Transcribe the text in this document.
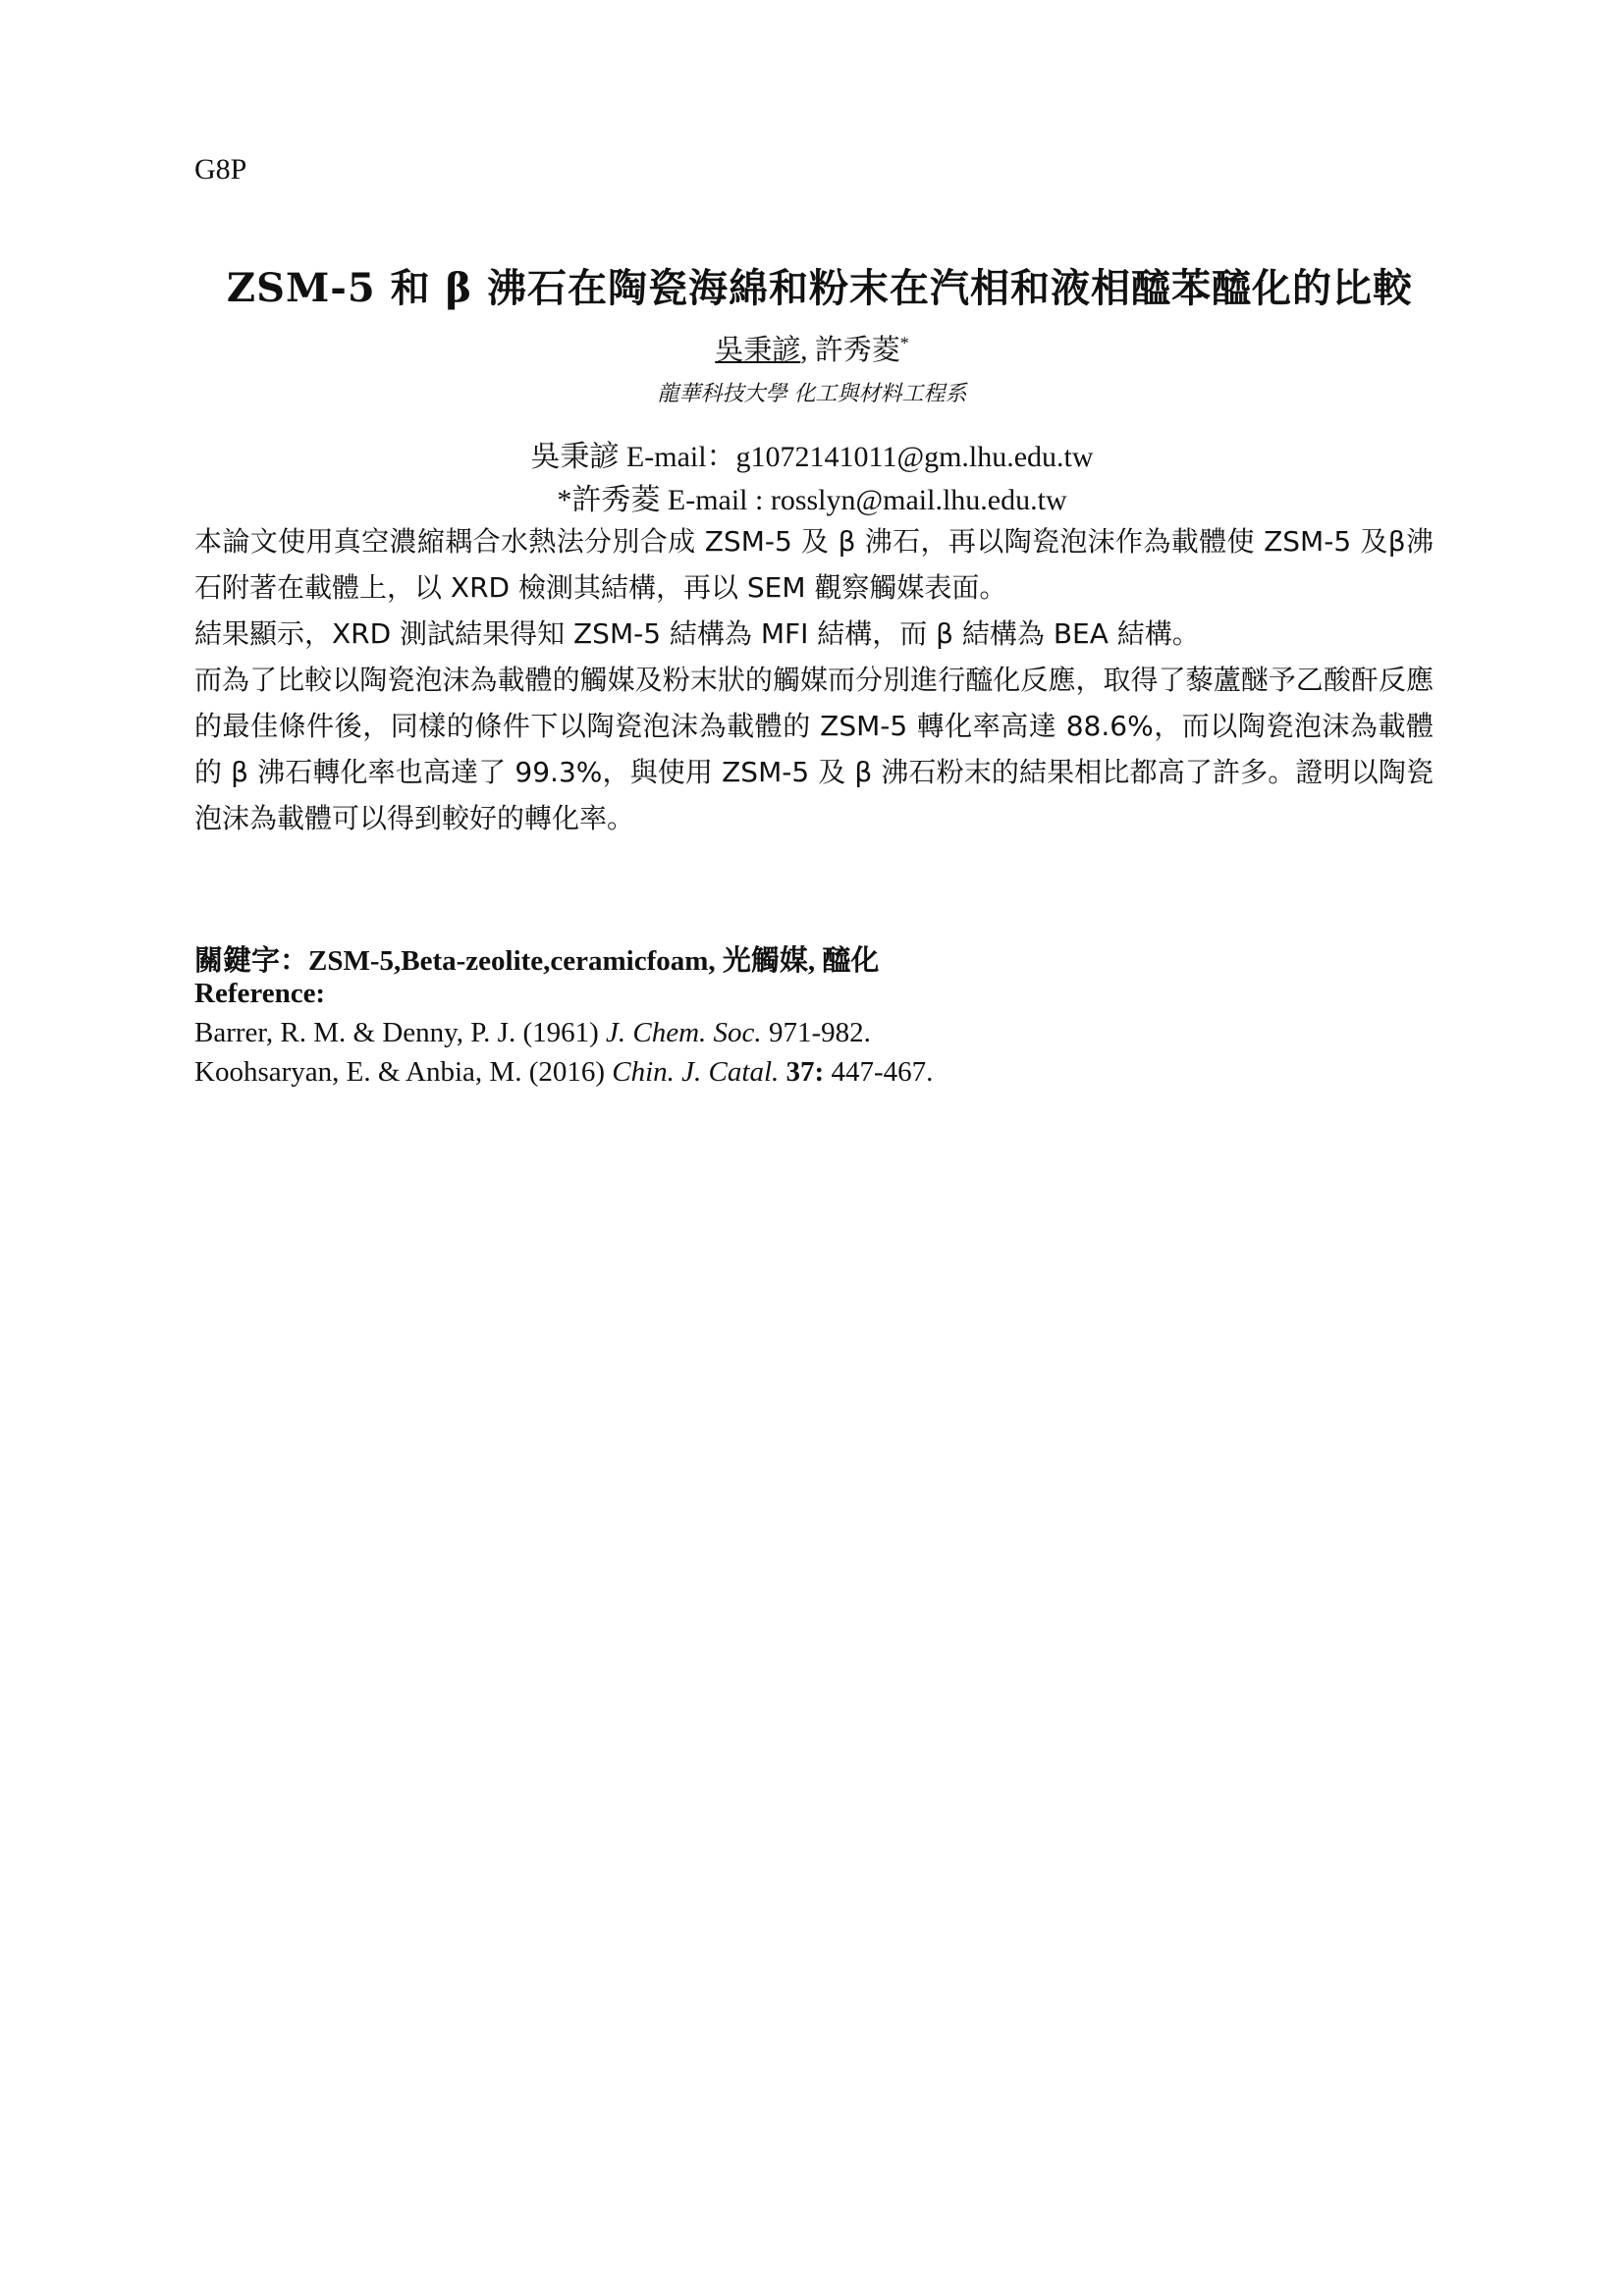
G8P
ZSM-5 和 β 沸石在陶瓷海綿和粉末在汽相和液相醯苯醯化的比較
吳秉諺, 許秀菱*
龍華科技大學 化工與材料工程系
吳秉諺 E-mail：g1072141011@gm.lhu.edu.tw
*許秀菱 E-mail : rosslyn@mail.lhu.edu.tw

本論文使用真空濃縮耦合水熱法分別合成 ZSM-5 及 β 沸石，再以陶瓷泡沫作為載體使 ZSM-5 及β沸石附著在載體上，以 XRD 檢測其結構，再以 SEM 觀察觸媒表面。

結果顯示，XRD 測試結果得知 ZSM-5 結構為 MFI 結構，而 β 結構為 BEA 結構。

而為了比較以陶瓷泡沫為載體的觸媒及粉末狀的觸媒而分別進行醯化反應，取得了藜蘆醚予乙酸酐反應的最佳條件後，同樣的條件下以陶瓷泡沫為載體的 ZSM-5 轉化率高達 88.6%，而以陶瓷泡沫為載體的 β 沸石轉化率也高達了 99.3%，與使用 ZSM-5 及 β 沸石粉末的結果相比都高了許多。證明以陶瓷泡沫為載體可以得到較好的轉化率。

關鍵字：ZSM-5,Beta-zeolite,ceramicfoam, 光觸媒, 醯化
Reference:
Barrer, R. M. & Denny, P. J. (1961) J. Chem. Soc. 971-982.
Koohsaryan, E. & Anbia, M. (2016) Chin. J. Catal. 37: 447-467.
